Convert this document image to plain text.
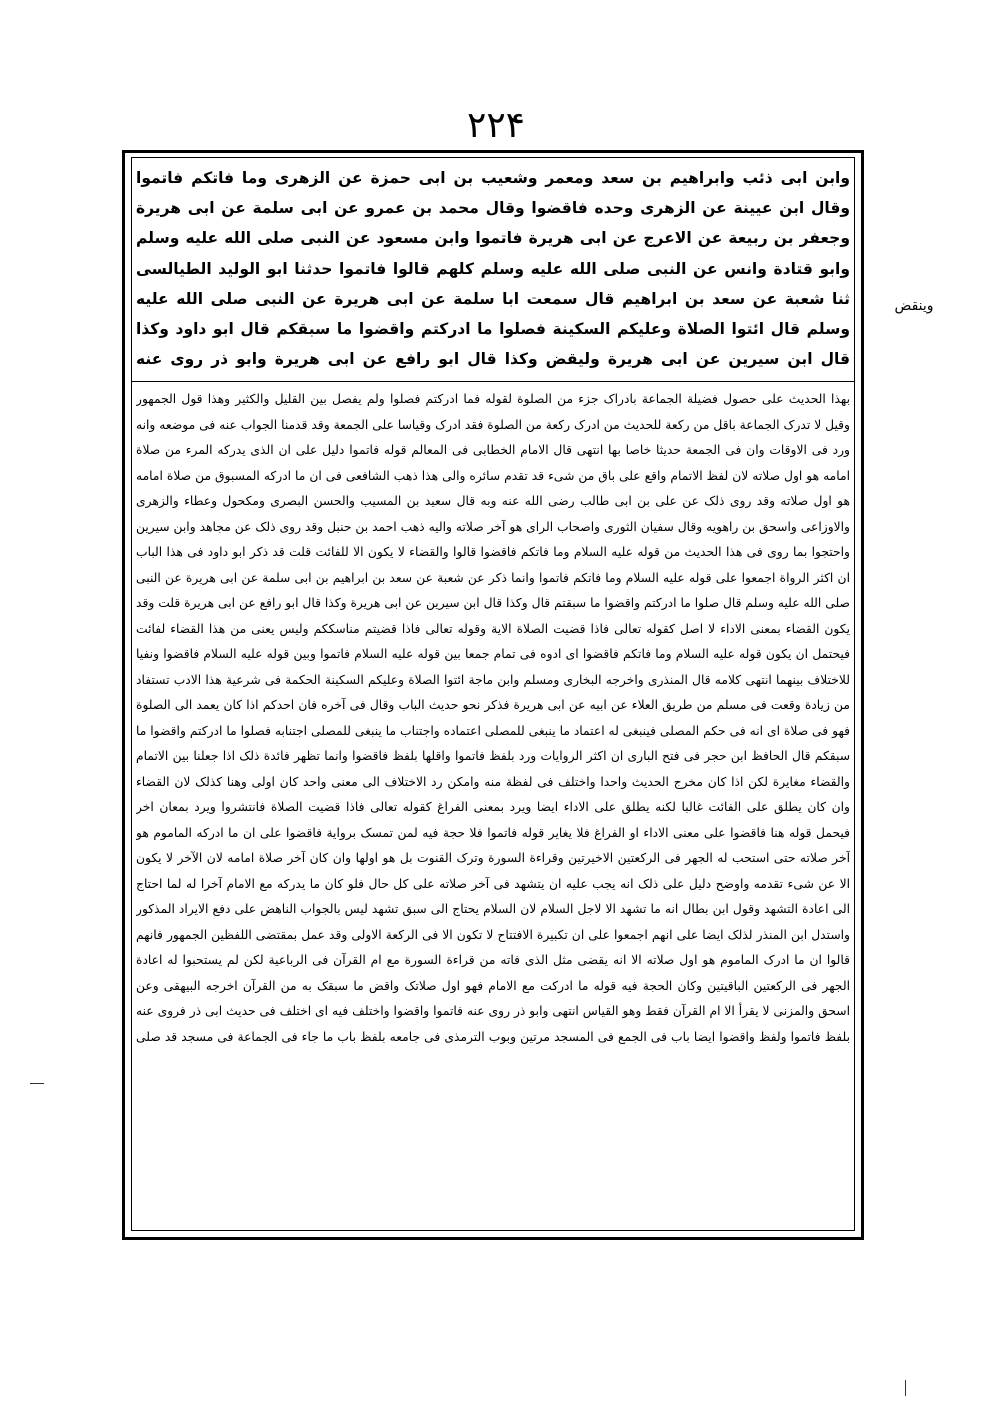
۲۲۴
وابن ابی ذئب وابراهیم بن سعد ومعمر وشعیب بن ابی حمزة عن الزهری وما فاتکم فاتموا وقال ابن عیینة عن الزهری وحده فاقضوا وقال محمد بن عمرو عن ابی سلمة عن ابی هریرة وجعفر بن ربیعة عن الاعرج عن ابی هریرة فاتموا وابن مسعود عن النبی صلی الله علیه وسلم وابو قتادة وانس عن النبی صلی الله علیه وسلم کلهم قالوا فاتموا حدثنا ابو الولید الطیالسی ثنا شعبة عن سعد بن ابراهیم قال سمعت ابا سلمة عن ابی هریرة عن النبی صلی الله علیه وسلم قال ائتوا الصلاة وعلیکم السکینة فصلوا ما ادرکتم واقضوا ما سبقکم قال ابو داود وکذا قال ابن سیرین عن ابی هریرة ولیقض وکذا قال ابو رافع عن ابی هریرة وابو ذر روی عنه
بهذا الحدیث علی حصول فضیلة الجماعة بادراک جزء من الصلوة لقوله فما ادرکتم فصلوا ولم یفصل بین القلیل والکثیر وهذا قول الجمهور وقیل لا تدرک الجماعة باقل من رکعة للحدیث من ادرک رکعة من الصلوة فقد ادرک وقیاسا علی الجمعة وقد قدمنا الجواب عنه فی موضعه وانه ورد فی الاوقات وان فی الجمعة حدیثا خاصا بها انتهی قال الامام الخطابی فی المعالم قوله فاتموا دلیل علی ان الذی یدرکه المرء من صلاة امامه هو اول صلاته لان لفظ الاتمام واقع علی باق من شیء قد تقدم سائره والی هذا ذهب الشافعی فی ان ما ادرکه المسبوق من صلاة امامه هو اول صلاته وقد روی ذلک عن علی بن ابی طالب رضی الله عنه وبه قال سعید بن المسیب والحسن البصری ومکحول وعطاء والزهری والاوزاعی واسحق بن راهویه وقال سفیان الثوری واصحاب الرای هو آخر صلاته والیه ذهب احمد بن حنبل وقد روی ذلک عن مجاهد وابن سیرین واحتجوا بما روی فی هذا الحدیث من قوله علیه السلام وما فاتکم فاقضوا قالوا والقضاء لا یکون الا للفائت قلت قد ذکر ابو داود فی هذا الباب ان اکثر الرواة اجمعوا علی قوله علیه السلام وما فاتکم فاتموا وانما ذکر عن شعبة عن سعد بن ابراهیم بن ابی سلمة عن ابی هریرة عن النبی صلی الله علیه وسلم قال صلوا ما ادرکتم واقضوا ما سبقتم قال وکذا قال ابن سیرین عن ابی هریرة وکذا قال ابو رافع عن ابی هریرة قلت وقد یکون القضاء بمعنی الاداء لا اصل کقوله تعالی فاذا قضیت الصلاة الایة وقوله تعالی فاذا قضیتم مناسککم ولیس یعنی من هذا القضاء لفائت فیحتمل ان یکون قوله علیه السلام وما فاتکم فاقضوا ای ادوه فی تمام جمعا بین قوله علیه السلام فاتموا وبین قوله علیه السلام فاقضوا ونفیا للاختلاف بینهما انتهی کلامه قال المنذری واخرجه البخاری ومسلم وابن ماجة ائتوا الصلاة وعلیکم السکینة الحکمة فی شرعیة هذا الادب تستفاد من زیادة وقعت فی مسلم من طریق العلاء عن ابیه عن ابی هریرة فذکر نحو حدیث الباب وقال فی آخره فان احدکم اذا کان یعمد الی الصلوة فهو فی صلاة ای انه فی حکم المصلی فینبغی له اعتماد ما ینبغی للمصلی اعتماده واجتناب ما ینبغی للمصلی اجتنابه فصلوا ما ادرکتم واقضوا ما سبقکم قال الحافظ ابن حجر فی فتح الباری ان اکثر الروایات ورد بلفظ فاتموا واقلها بلفظ فاقضوا وانما تظهر فائدة ذلک اذا جعلنا بین الاتمام والقضاء مغایرة لکن اذا کان مخرج الحدیث واحدا واختلف فی لفظة منه وامکن رد الاختلاف الی معنی واحد کان اولی وهنا کذلک لان القضاء وان کان یطلق علی الفائت غالبا لکنه یطلق علی الاداء ایضا ویرد بمعنی الفراغ کقوله تعالی فاذا قضیت الصلاة فانتشروا ویرد بمعان اخر فیحمل قوله هنا فاقضوا علی معنی الاداء او الفراغ فلا یغایر قوله فاتموا فلا حجة فیه لمن تمسک بروایة فاقضوا علی ان ما ادرکه الماموم هو آخر صلاته حتی استحب له الجهر فی الرکعتین الاخیرتین وقراءة السورة وترک القنوت بل هو اولها وان کان آخر صلاة امامه لان الآخر لا یکون الا عن شیء تقدمه واوضح دلیل علی ذلک انه یجب علیه ان یتشهد فی آخر صلاته علی کل حال فلو کان ما یدرکه مع الامام آخرا له لما احتاج الی اعادة التشهد وقول ابن بطال انه ما تشهد الا لاجل السلام لان السلام یحتاج الی سبق تشهد لیس بالجواب الناهض علی دفع الایراد المذکور واستدل ابن المنذر لذلک ایضا علی انهم اجمعوا علی ان تکبیرة الافتتاح لا تکون الا فی الرکعة الاولی وقد عمل بمقتضی اللفظین الجمهور فانهم قالوا ان ما ادرک الماموم هو اول صلاته الا انه یقضی مثل الذی فاته من قراءة السورة مع ام القرآن فی الرباعیة لکن لم یستحبوا له اعادة الجهر فی الرکعتین الباقیتین وکان الحجة فیه قوله ما ادرکت مع الامام فهو اول صلاتک واقض ما سبقک به من القرآن اخرجه البیهقی وعن اسحق والمزنی لا یقرأ الا ام القرآن فقط وهو القیاس انتهی وابو ذر روی عنه فاتموا واقضوا واختلف فیه ای اختلف فی حدیث ابی ذر فروی عنه بلفظ فاتموا ولفظ واقضوا ایضا باب فی الجمع فی المسجد مرتین وبوب الترمذی فی جامعه بلفظ باب ما جاء فی الجماعة فی مسجد قد صلی
وینقض
